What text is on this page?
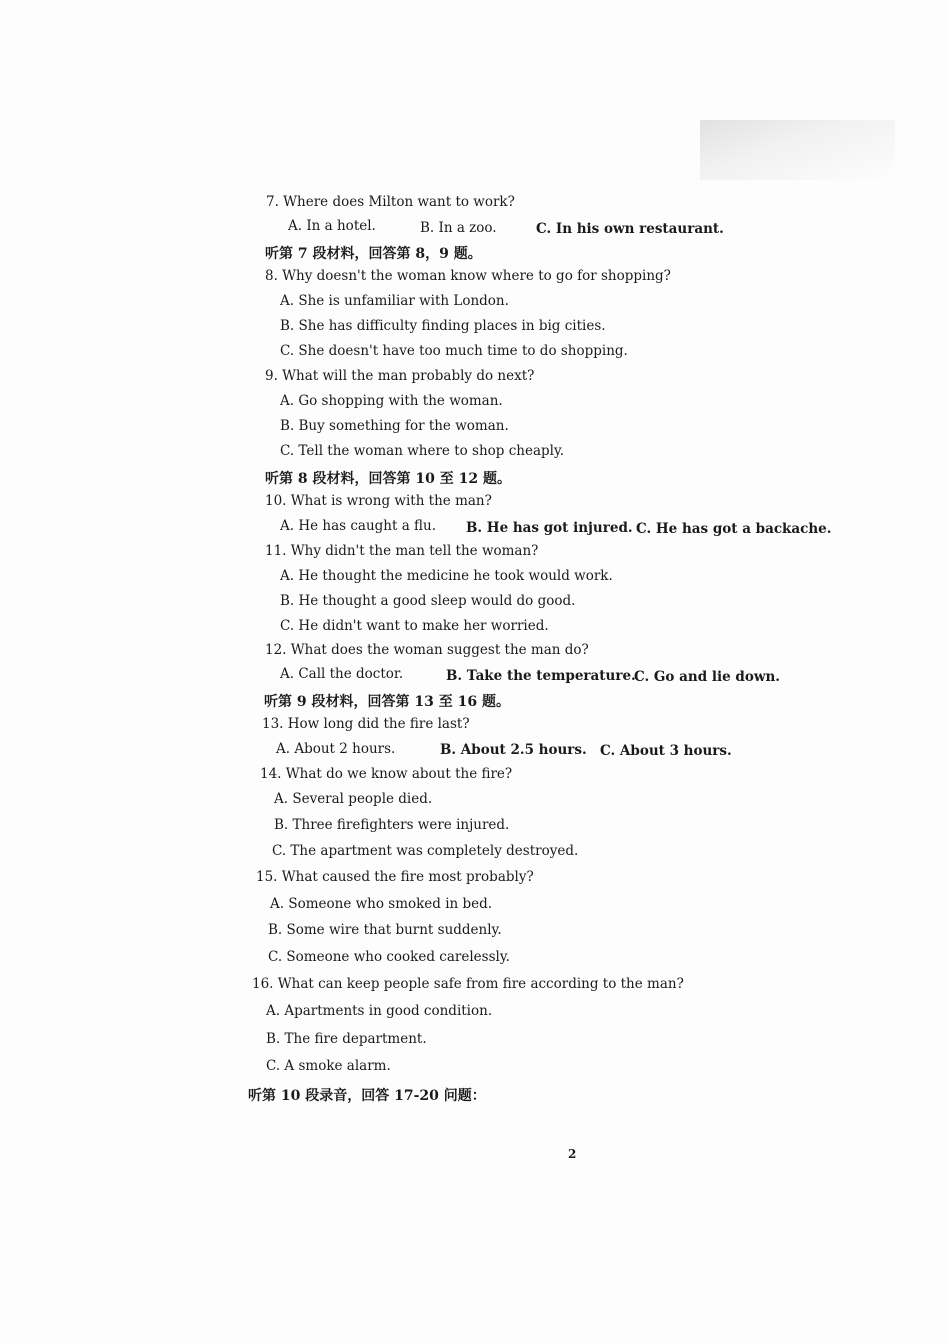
7. Where does Milton want to work?
A. In a hotel.	B. In a zoo.	C. In his own restaurant.
听第 7 段材料，回答第 8，9 题。
8. Why doesn't the woman know where to go for shopping?
A. She is unfamiliar with London.
B. She has difficulty finding places in big cities.
C. She doesn't have too much time to do shopping.
9. What will the man probably do next?
A. Go shopping with the woman.
B. Buy something for the woman.
C. Tell the woman where to shop cheaply.
听第 8 段材料，回答第 10 至 12 题。
10. What is wrong with the man?
A. He has caught a flu. B. He has got injured. C. He has got a backache.
11. Why didn't the man tell the woman?
A. He thought the medicine he took would work.
B. He thought a good sleep would do good.
C. He didn't want to make her worried.
12. What does the woman suggest the man do?
A. Call the doctor.	B. Take the temperature.
C. Go and lie down.
听第 9 段材料，回答第 13 至 16 题。
13. How long did the fire last?
A. About 2 hours.	B. About 2.5 hours. C. About 3 hours.
14. What do we know about the fire?
A. Several people died.
B. Three firefighters were injured.
C. The apartment was completely destroyed.
15. What caused the fire most probably?
A. Someone who smoked in bed.
B. Some wire that burnt suddenly.
C. Someone who cooked carelessly.
16. What can keep people safe from fire according to the man?
A. Apartments in good condition.
B. The fire department.
C. A smoke alarm.
听第 10 段录音，回答 17-20 问题：
2
